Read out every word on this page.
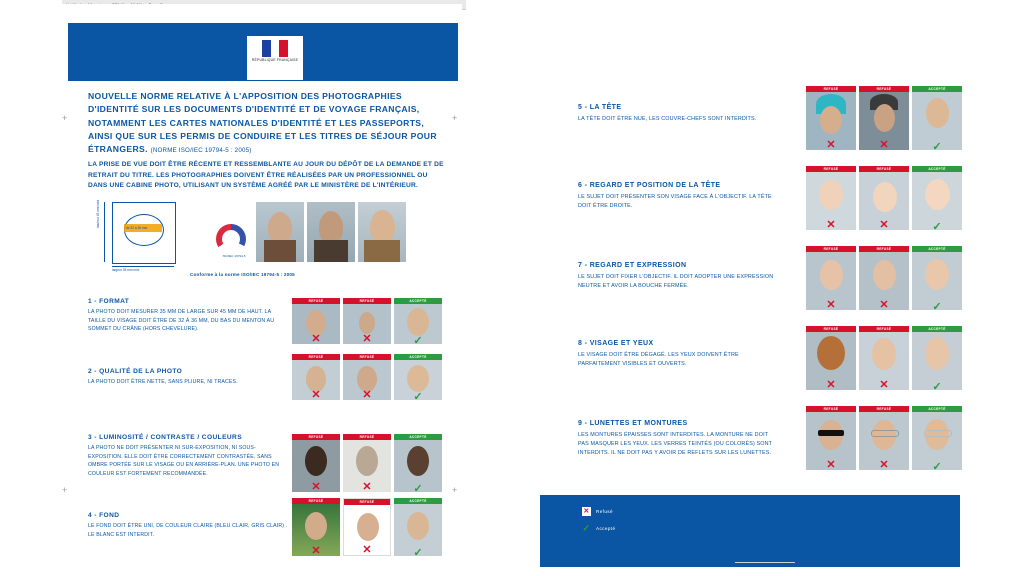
RÉPUBLIQUE FRANÇAISE
NOUVELLE NORME RELATIVE À L'APPOSITION DES PHOTOGRAPHIES D'IDENTITÉ SUR LES DOCUMENTS D'IDENTITÉ ET DE VOYAGE FRANÇAIS, NOTAMMENT LES CARTES NATIONALES D'IDENTITÉ ET LES PASSEPORTS, AINSI QUE SUR LES PERMIS DE CONDUIRE ET LES TITRES DE SÉJOUR POUR ÉTRANGERS. (NORME ISO/IEC 19794-5 : 2005)
LA PRISE DE VUE DOIT ÊTRE RÉCENTE ET RESSEMBLANTE AU JOUR DU DÉPÔT DE LA DEMANDE ET DE RETRAIT DU TITRE. LES PHOTOGRAPHIES DOIVENT ÊTRE RÉALISÉES PAR UN PROFESSIONNEL OU DANS UNE CABINE PHOTO, UTILISANT UN SYSTÈME AGRÉÉ PAR LE MINISTÈRE DE L'INTÉRIEUR.
hauteur 45 mm mini
largeur 35 mm mini
de 32 à 36 mm
ISO/IEC 19794-5
Conforme à la norme ISO/IEC 19794-5 : 2005
1 - FORMAT

LA PHOTO DOIT MESURER 35 MM DE LARGE SUR 45 MM DE HAUT. LA TAILLE DU VISAGE DOIT ÊTRE DE 32 À 36 MM, DU BAS DU MENTON AU SOMMET DU CRÂNE (HORS CHEVELURE).

REFUSÉ
✕
REFUSÉ
✕
ACCEPTÉ
✓
2 - QUALITÉ DE LA PHOTO

LA PHOTO DOIT ÊTRE NETTE, SANS PLIURE, NI TRACES.

REFUSÉ
✕
REFUSÉ
✕
ACCEPTÉ
✓
3 - LUMINOSITÉ / CONTRASTE / COULEURS

LA PHOTO NE DOIT PRÉSENTER NI SUR-EXPOSITION, NI SOUS-EXPOSITION. ELLE DOIT ÊTRE CORRECTEMENT CONTRASTÉE, SANS OMBRE PORTÉE SUR LE VISAGE OU EN ARRIÈRE-PLAN. UNE PHOTO EN COULEUR EST FORTEMENT RECOMMANDÉE.

REFUSÉ
✕
REFUSÉ
✕
ACCEPTÉ
✓
4 - FOND

LE FOND DOIT ÊTRE UNI, DE COULEUR CLAIRE (BLEU CLAIR, GRIS CLAIR) . LE BLANC EST INTERDIT.

REFUSÉ
✕
REFUSÉ
✕
ACCEPTÉ
✓
5 - LA TÊTE

LA TÊTE DOIT ÊTRE NUE, LES COUVRE-CHEFS SONT INTERDITS.

REFUSÉ
✕
REFUSÉ
✕
ACCEPTÉ
✓
6 - REGARD ET POSITION DE LA TÊTE

LE SUJET DOIT PRÉSENTER SON VISAGE FACE À L'OBJECTIF. LA TÊTE DOIT ÊTRE DROITE.

REFUSÉ
✕
REFUSÉ
✕
ACCEPTÉ
✓
7 - REGARD ET EXPRESSION

LE SUJET DOIT FIXER L'OBJECTIF. IL DOIT ADOPTER UNE EXPRESSION NEUTRE ET AVOIR LA BOUCHE FERMÉE.

REFUSÉ
✕
REFUSÉ
✕
ACCEPTÉ
✓
8 - VISAGE ET YEUX

LE VISAGE DOIT ÊTRE DÉGAGÉ. LES YEUX DOIVENT ÊTRE PARFAITEMENT VISIBLES ET OUVERTS.

REFUSÉ
✕
REFUSÉ
✕
ACCEPTÉ
✓
9 - LUNETTES ET MONTURES

LES MONTURES ÉPAISSES SONT INTERDITES. LA MONTURE NE DOIT PAS MASQUER LES YEUX. LES VERRES TEINTÉS (OU COLORÉS) SONT INTERDITS. IL NE DOIT PAS Y AVOIR DE REFLETS SUR LES LUNETTES.

REFUSÉ
✕
REFUSÉ
✕
ACCEPTÉ
✓
✕ Refusé
✓ Accepté
+
+
+
+
